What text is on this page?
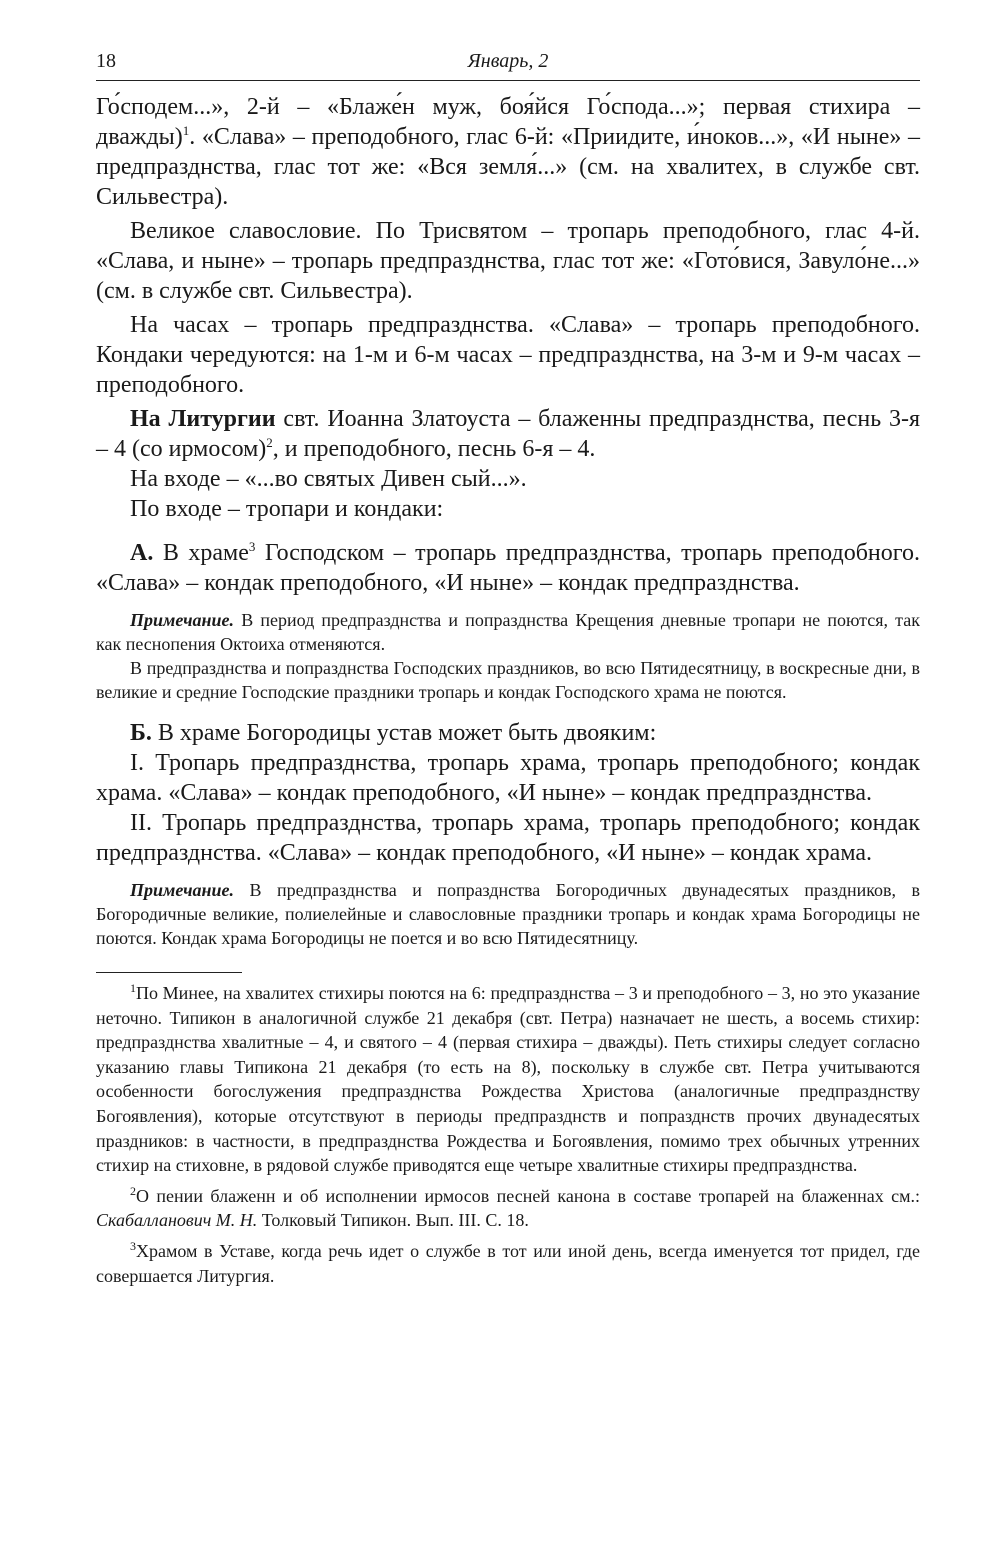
18	Январь, 2

Го́сподем...», 2-й – «Блаже́н муж, боя́йся Го́спода...»; первая стихира – дважды)$^1$. «Слава» – преподобного, глас 6-й: «Приидите, и́ноков...», «И ныне» – предпразднства, глас тот же: «Вся земля́...» (см. на хвалитех, в службе свт. Сильвестра).

Великое славословие. По Трисвятом – тропарь преподобного, глас 4-й. «Слава, и ныне» – тропарь предпразднства, глас тот же: «Гото́вися, Завуло́не...» (см. в службе свт. Сильвестра).

На часах – тропарь предпразднства. «Слава» – тропарь преподобного. Кондаки чередуются: на 1-м и 6-м часах – предпразднства, на 3-м и 9-м часах – преподобного.

На Литургии свт. Иоанна Златоуста – блаженны предпразднства, песнь 3-я – 4 (со ирмосом)$^2$, и преподобного, песнь 6-я – 4.

На входе – «...во святых Дивен сый...».

По входе – тропари и кондаки:

А. В храме$^3$ Господском – тропарь предпразднства, тропарь преподобного. «Слава» – кондак преподобного, «И ныне» – кондак предпразднства.

Примечание. В период предпразднства и попразднства Крещения дневные тропари не поются, так как песнопения Октоиха отменяются.

В предпразднства и попразднства Господских праздников, во всю Пятидесятницу, в воскресные дни, в великие и средние Господские праздники тропарь и кондак Господского храма не поются.

Б. В храме Богородицы устав может быть двояким:

I. Тропарь предпразднства, тропарь храма, тропарь преподобного; кондак храма. «Слава» – кондак преподобного, «И ныне» – кондак предпразднства.

II. Тропарь предпразднства, тропарь храма, тропарь преподобного; кондак предпразднства. «Слава» – кондак преподобного, «И ныне» – кондак храма.

Примечание. В предпразднства и попразднства Богородичных двунадесятых праздников, в Богородичные великие, полиелейные и славословные праздники тропарь и кондак храма Богородицы не поются. Кондак храма Богородицы не поется и во всю Пятидесятницу.

$^1$По Минее, на хвалитех стихиры поются на 6: предпразднства – 3 и преподобного – 3, но это указание неточно. Типикон в аналогичной службе 21 декабря (свт. Петра) назначает не шесть, а восемь стихир: предпразднства хвалитные – 4, и святого – 4 (первая стихира – дважды). Петь стихиры следует согласно указанию главы Типикона 21 декабря (то есть на 8), поскольку в службе свт. Петра учитываются особенности богослужения предпразднства Рождества Христова (аналогичные предпразднству Богоявления), которые отсутствуют в периоды предпразднств и попразднств прочих двунадесятых праздников: в частности, в предпразднства Рождества и Богоявления, помимо трех обычных утренних стихир на стиховне, в рядовой службе приводятся еще четыре хвалитные стихиры предпразднства.

$^2$О пении блаженн и об исполнении ирмосов песней канона в составе тропарей на блаженнах см.: Скабалланович М. Н. Толковый Типикон. Вып. III. С. 18.

$^3$Храмом в Уставе, когда речь идет о службе в тот или иной день, всегда именуется тот придел, где совершается Литургия.
